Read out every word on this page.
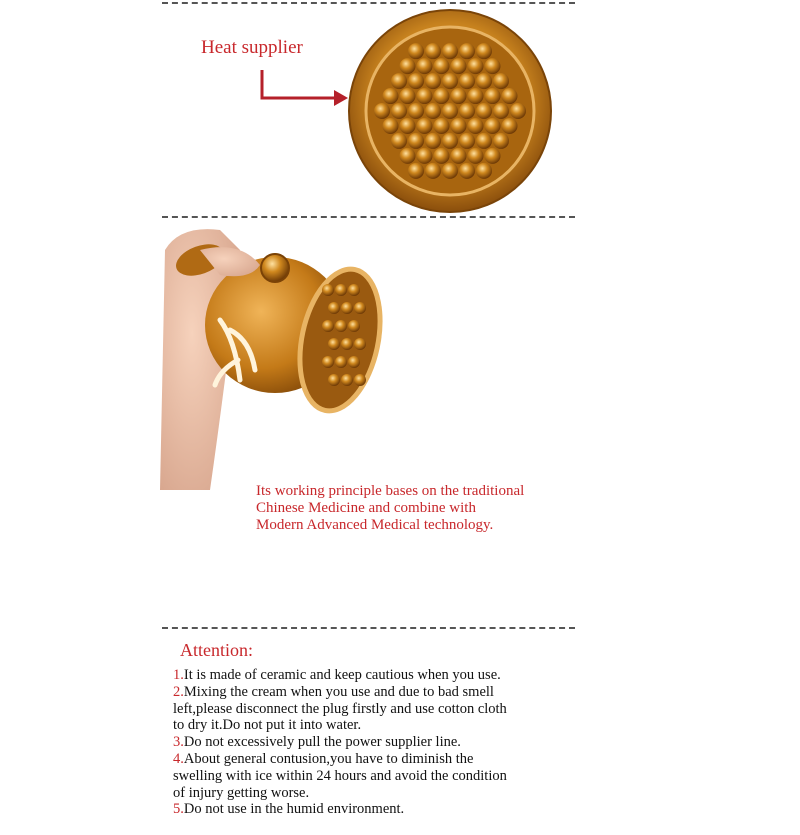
Heat supplier
Its working principle bases on the traditional
Chinese Medicine and combine with
Modern Advanced Medical technology.
Attention:
1.It is made of ceramic and keep cautious when you use.
2.Mixing the cream when you use and due to bad smell
left,please disconnect the plug firstly and use cotton cloth
to dry it.Do not put it into water.
3.Do not excessively pull the power supplier line.
4.About general contusion,you have to diminish the
swelling with ice within 24 hours and avoid the condition
of injury getting worse.
5.Do not use in the humid environment.
